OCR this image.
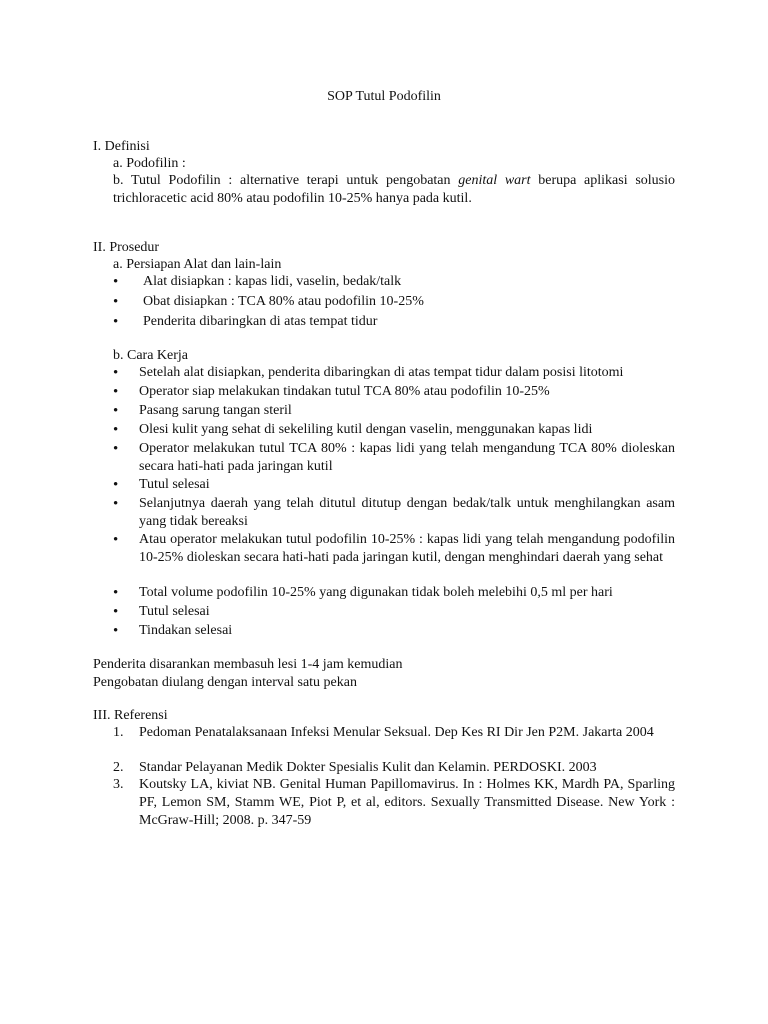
SOP Tutul Podofilin
I. Definisi
a. Podofilin :

b. Tutul Podofilin : alternative terapi untuk pengobatan genital wart berupa aplikasi solusio trichloracetic acid 80% atau podofilin 10-25% hanya pada kutil.

II. Prosedur
a. Persiapan Alat dan lain-lain
•
Alat disiapkan : kapas lidi, vaselin, bedak/talk
•
Obat disiapkan : TCA 80% atau podofilin 10-25%
•
Penderita dibaringkan di atas tempat tidur
b. Cara Kerja
•
Setelah alat disiapkan, penderita dibaringkan di atas tempat tidur dalam posisi litotomi
•
Operator siap melakukan tindakan tutul TCA 80% atau podofilin 10-25%
•
Pasang sarung tangan steril
•
Olesi kulit yang sehat di sekeliling kutil dengan vaselin, menggunakan kapas lidi
•
Operator melakukan tutul TCA 80% : kapas lidi yang telah mengandung TCA 80% dioleskan secara hati-hati pada jaringan kutil
•
Tutul selesai
•
Selanjutnya daerah yang telah ditutul ditutup dengan bedak/talk untuk menghilangkan asam yang tidak bereaksi
•
Atau operator melakukan tutul podofilin 10-25% : kapas lidi yang telah mengandung podofilin 10-25% dioleskan secara hati-hati pada jaringan kutil, dengan menghindari daerah yang sehat
•
Total volume podofilin 10-25% yang digunakan tidak boleh melebihi 0,5 ml per hari
•
Tutul selesai
•
Tindakan selesai
Penderita disarankan membasuh lesi 1-4 jam kemudian
Pengobatan diulang dengan interval satu pekan
III. Referensi
1. Pedoman Penatalaksanaan Infeksi Menular Seksual. Dep Kes RI Dir Jen P2M. Jakarta 2004
2. Standar Pelayanan Medik Dokter Spesialis Kulit dan Kelamin. PERDOSKI. 2003
3. Koutsky LA, kiviat NB. Genital Human Papillomavirus. In : Holmes KK, Mardh PA, Sparling PF, Lemon SM, Stamm WE, Piot P, et al, editors. Sexually Transmitted Disease. New York : McGraw-Hill; 2008. p. 347-59
